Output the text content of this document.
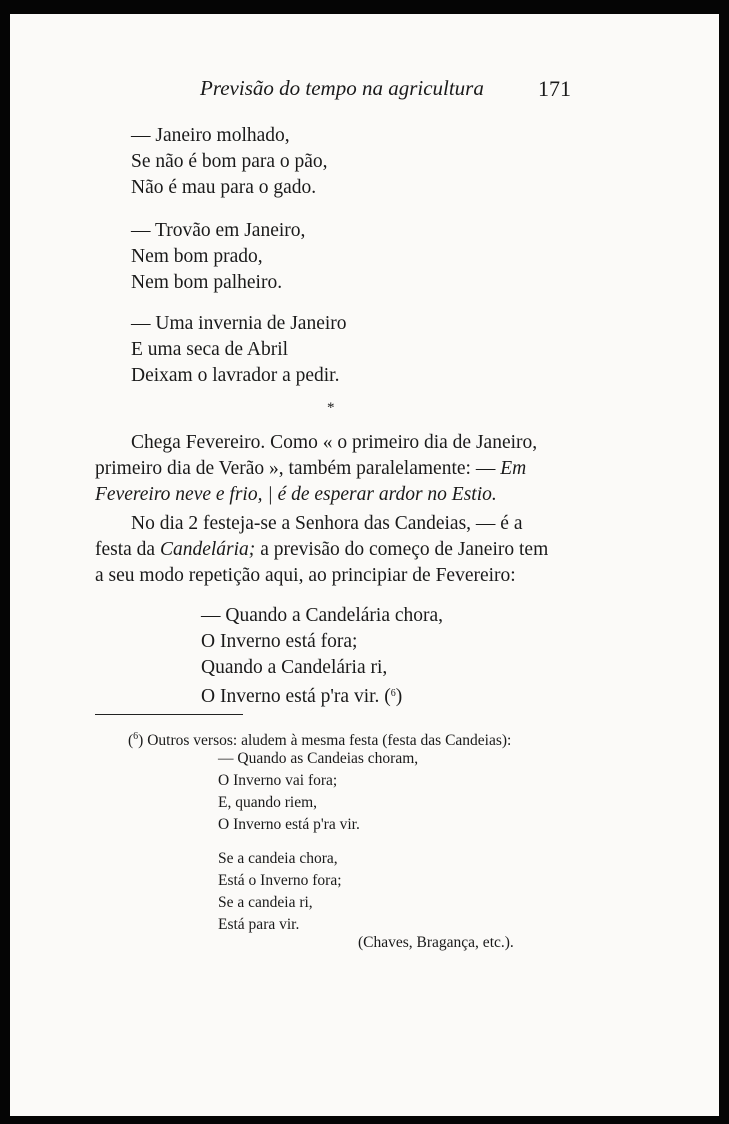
Previsão do tempo na agricultura 171
— Janeiro molhado,
Se não é bom para o pão,
Não é mau para o gado.
— Trovão em Janeiro,
Nem bom prado,
Nem bom palheiro.
— Uma invernia de Janeiro
E uma seca de Abril
Deixam o lavrador a pedir.
*
Chega Fevereiro. Como « o primeiro dia de Janeiro,
primeiro dia de Verão », também paralelamente: — Em
Fevereiro neve e frio, | é de esperar ardor no Estio.
No dia 2 festeja-se a Senhora das Candeias, — é a
festa da Candelária; a previsão do começo de Janeiro tem
a seu modo repetição aqui, ao principiar de Fevereiro:
— Quando a Candelária chora,
O Inverno está fora;
Quando a Candelária ri,
O Inverno está p'ra vir. ($^6$)
($^6$) Outros versos: aludem à mesma festa (festa das Candeias):
— Quando as Candeias choram,
O Inverno vai fora;
E, quando riem,
O Inverno está p'ra vir.
Se a candeia chora,
Está o Inverno fora;
Se a candeia ri,
Está para vir.
(Chaves, Bragança, etc.).
